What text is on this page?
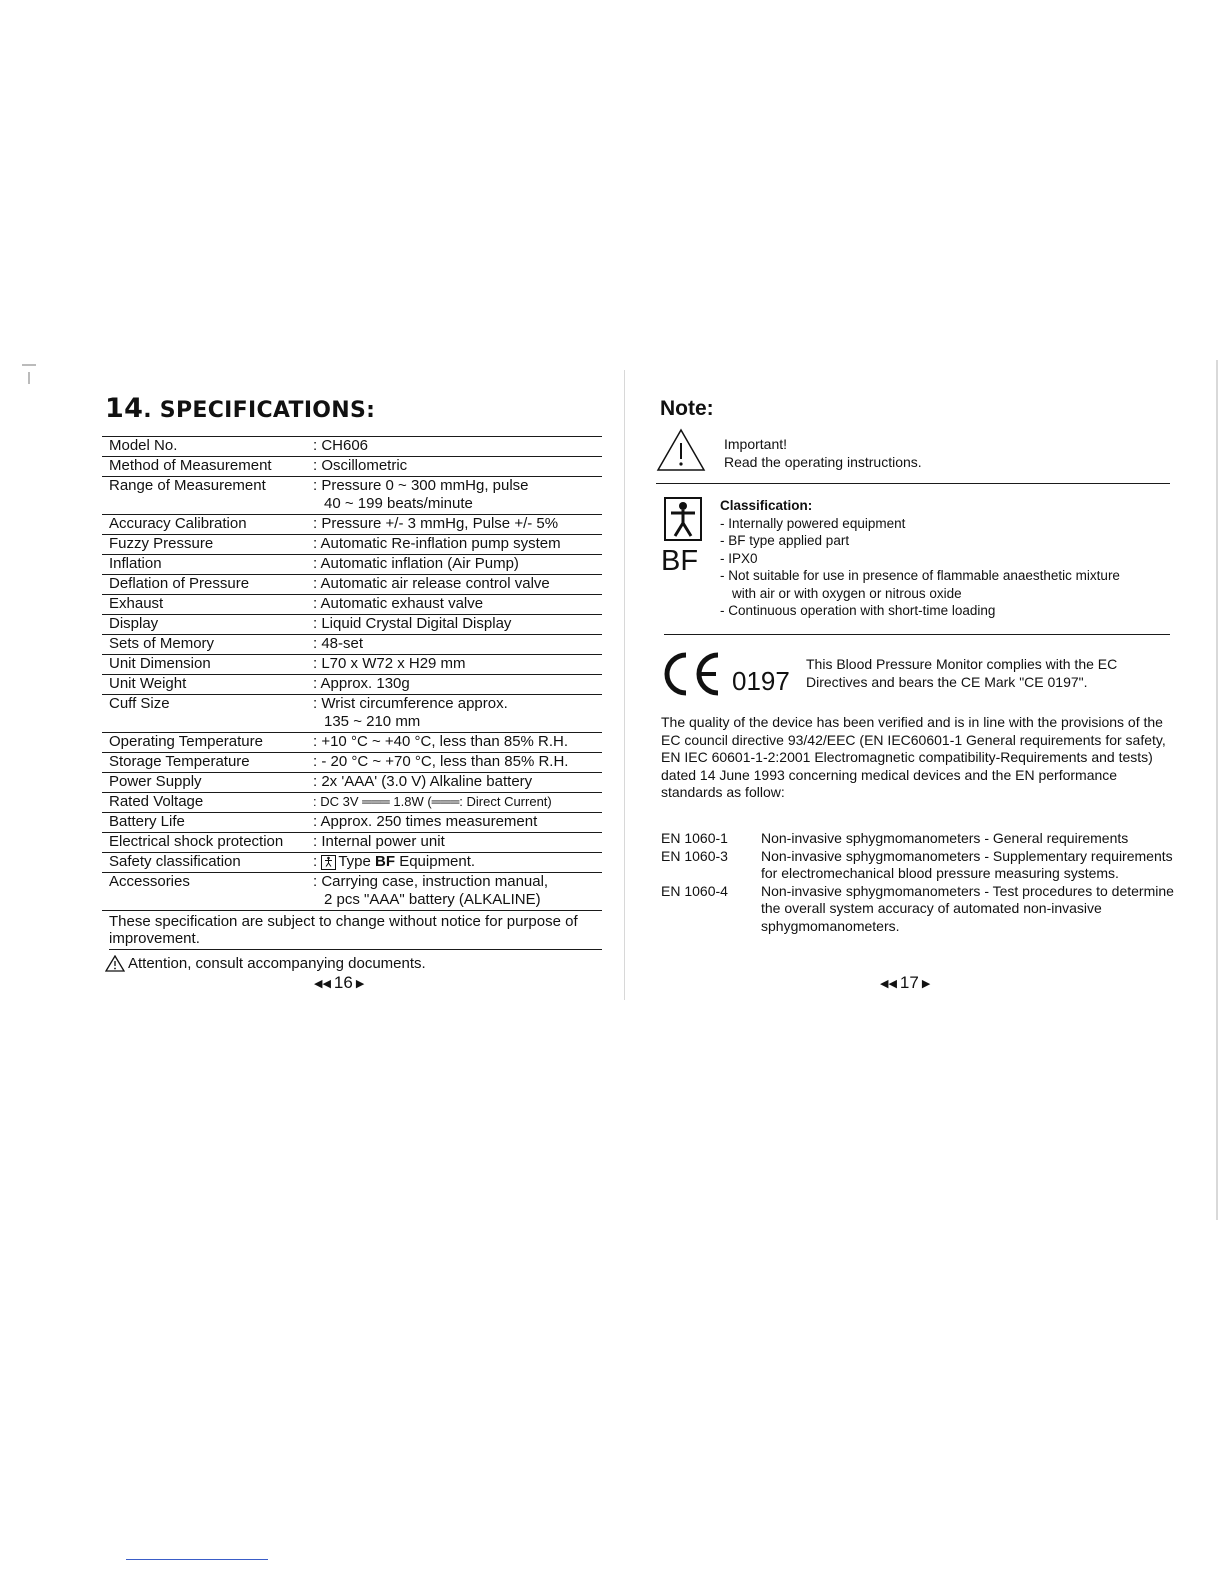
14. SPECIFICATIONS:
Model No.	: CH606
Method of Measurement	: Oscillometric
Range of Measurement	: Pressure 0 ~ 300 mmHg, pulse
40 ~ 199 beats/minute

Accuracy Calibration	: Pressure +/- 3 mmHg, Pulse +/- 5%
Fuzzy Pressure	: Automatic Re-inflation pump system
Inflation	: Automatic inflation (Air Pump)
Deflation of Pressure	: Automatic air release control valve
Exhaust	: Automatic exhaust valve
Display	: Liquid Crystal Digital Display
Sets of Memory	: 48-set
Unit Dimension	: L70 x W72 x H29 mm
Unit Weight	: Approx. 130g
Cuff Size	: Wrist circumference approx.
135 ~ 210 mm

Operating Temperature	: +10 °C ~ +40 °C, less than 85% R.H.
Storage Temperature	: - 20 °C ~ +70 °C, less than 85% R.H.
Power Supply	: 2x 'AAA' (3.0 V) Alkaline battery
Rated Voltage	: DC 3V ═══ 1.8W (═══: Direct Current)
Battery Life	: Approx. 250 times measurement
Electrical shock protection	: Internal power unit
Safety classification	: Type BF Equipment.
Accessories	: Carrying case, instruction manual,
2 pcs "AAA" battery (ALKALINE)

These specification are subject to change without notice for purpose of improvement.

Attention, consult accompanying documents.
◀◀ 16 ▶
Note:
Important!
Read the operating instructions.
BF
Classification:
- Internally powered equipment
- BF type applied part
- IPX0
- Not suitable for use in presence of flammable anaesthetic mixture
with air or with oxygen or nitrous oxide
- Continuous operation with short-time loading
0197
This Blood Pressure Monitor complies with the EC
Directives and bears the CE Mark "CE 0197".

The quality of the device has been verified and is in line with the provisions of the EC council directive 93/42/EEC (EN IEC60601-1 General requirements for safety, EN IEC 60601-1-2:2001 Electromagnetic compatibility-Requirements and tests) dated 14 June 1993 concerning medical devices and the EN performance standards as follow:

EN 1060-1	Non-invasive sphygmomanometers - General requirements
EN 1060-3	Non-invasive sphygmomanometers - Supplementary requirements for electromechanical blood pressure measuring systems.
EN 1060-4	Non-invasive sphygmomanometers - Test procedures to determine the overall system accuracy of automated non-invasive sphygmomanometers.
◀◀ 17 ▶
